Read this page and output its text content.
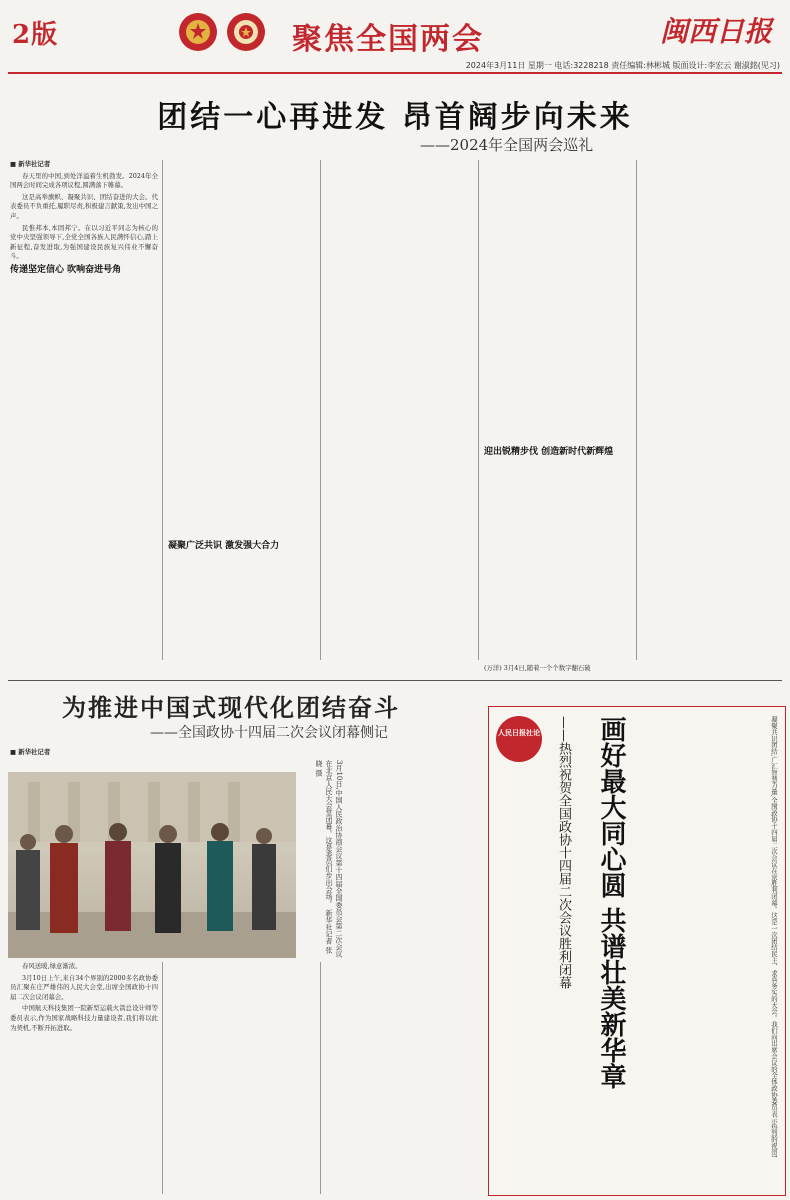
2版	聚焦全国两会	闽西日报
2024年3月11日 星期一 电话:3228218 责任编辑:林彬城 版面设计:李宏云 谢淑銘(见习)
团结一心再进发 昂首阔步向未来
——2024年全国两会巡礼

■ 新华社记者

春天里的中国,到处洋溢着生机勃发。2024年全国两会时间完成各项议程,圆满落下帷幕。

这是高举旗帜、凝聚共识、团结奋进的大会。代表委员不负重托,履职尽责,积极建言献策,发出中国之声。

民惟邦本,本固邦宁。在以习近平同志为核心的党中央坚强领导下,全党全国各族人民满怀信心,踏上新征程,奋发进取,为强国建设民族复兴伟业不懈奋斗。

传递坚定信心 吹响奋进号角
凝聚广泛共识 激发强大合力
迎出锐精步伐 创造新时代新辉煌
(万洋) 3月4日,随着一个个数字翻石破
为推进中国式现代化团结奋斗
——全国政协十四届二次会议闭幕侧记

■ 新华社记者

3月10日,中国人民政治协商会议第十四届全国委员会第二次会议在北京人民大会堂闭幕。这是委员们步出会场。 新华社记者 张晓 摄

春风送暖,绿意渐浓。

3月10日上午,来自34个界别的2000多名政协委员汇聚在庄严雄伟的人民大会堂,出席全国政协十四届二次会议闭幕会。

中国航天科技集团一院新型运载火箭总设计师等委员表示,作为国家战略科技力量建设者,我们将以此为契机,不断开拓进取。

人民日报社论 画好最大同心圆 共谱壮美新华章
——热烈祝贺全国政协十四届二次会议胜利闭幕	凝聚共识团结,广汇智慧力量,全国政协十四届二次会议在京胜利闭幕。这是一次团结民主、求真务实的大会。我们向出席会议的全体政协委员表示热烈的祝贺!
